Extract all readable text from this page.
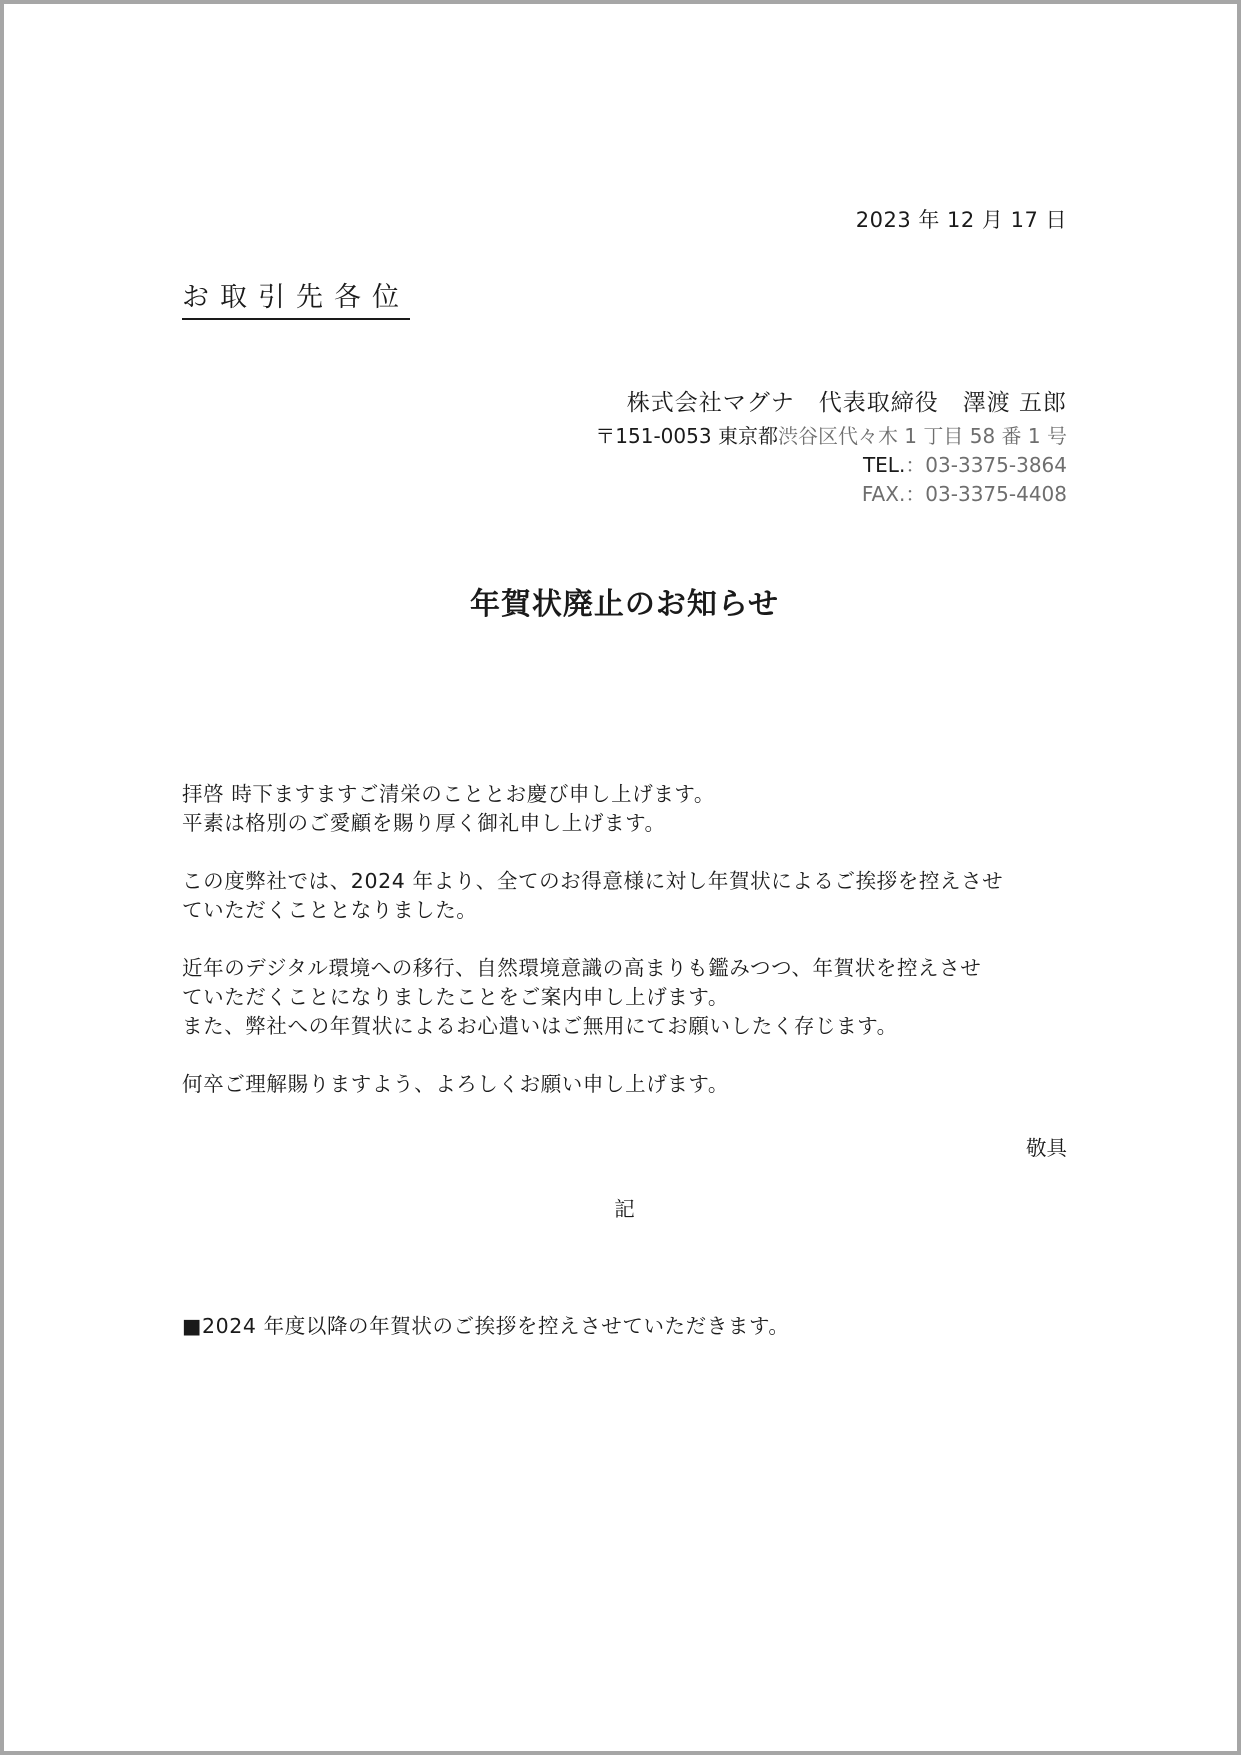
2023 年 12 月 17 日
お取引先各位
株式会社マグナ　代表取締役　澤渡 五郎
〒151-0053 東京都渋谷区代々木 1 丁目 58 番 1 号
TEL.：03-3375-3864
FAX.：03-3375-4408
年賀状廃止のお知らせ

拝啓 時下ますますご清栄のこととお慶び申し上げます。
平素は格別のご愛顧を賜り厚く御礼申し上げます。

この度弊社では、2024 年より、全てのお得意様に対し年賀状によるご挨拶を控えさせ
ていただくこととなりました。

近年のデジタル環境への移行、自然環境意識の高まりも鑑みつつ、年賀状を控えさせ
ていただくことになりましたことをご案内申し上げます。
また、弊社への年賀状によるお心遣いはご無用にてお願いしたく存じます。

何卒ご理解賜りますよう、よろしくお願い申し上げます。

敬具
記
■2024 年度以降の年賀状のご挨拶を控えさせていただきます。
